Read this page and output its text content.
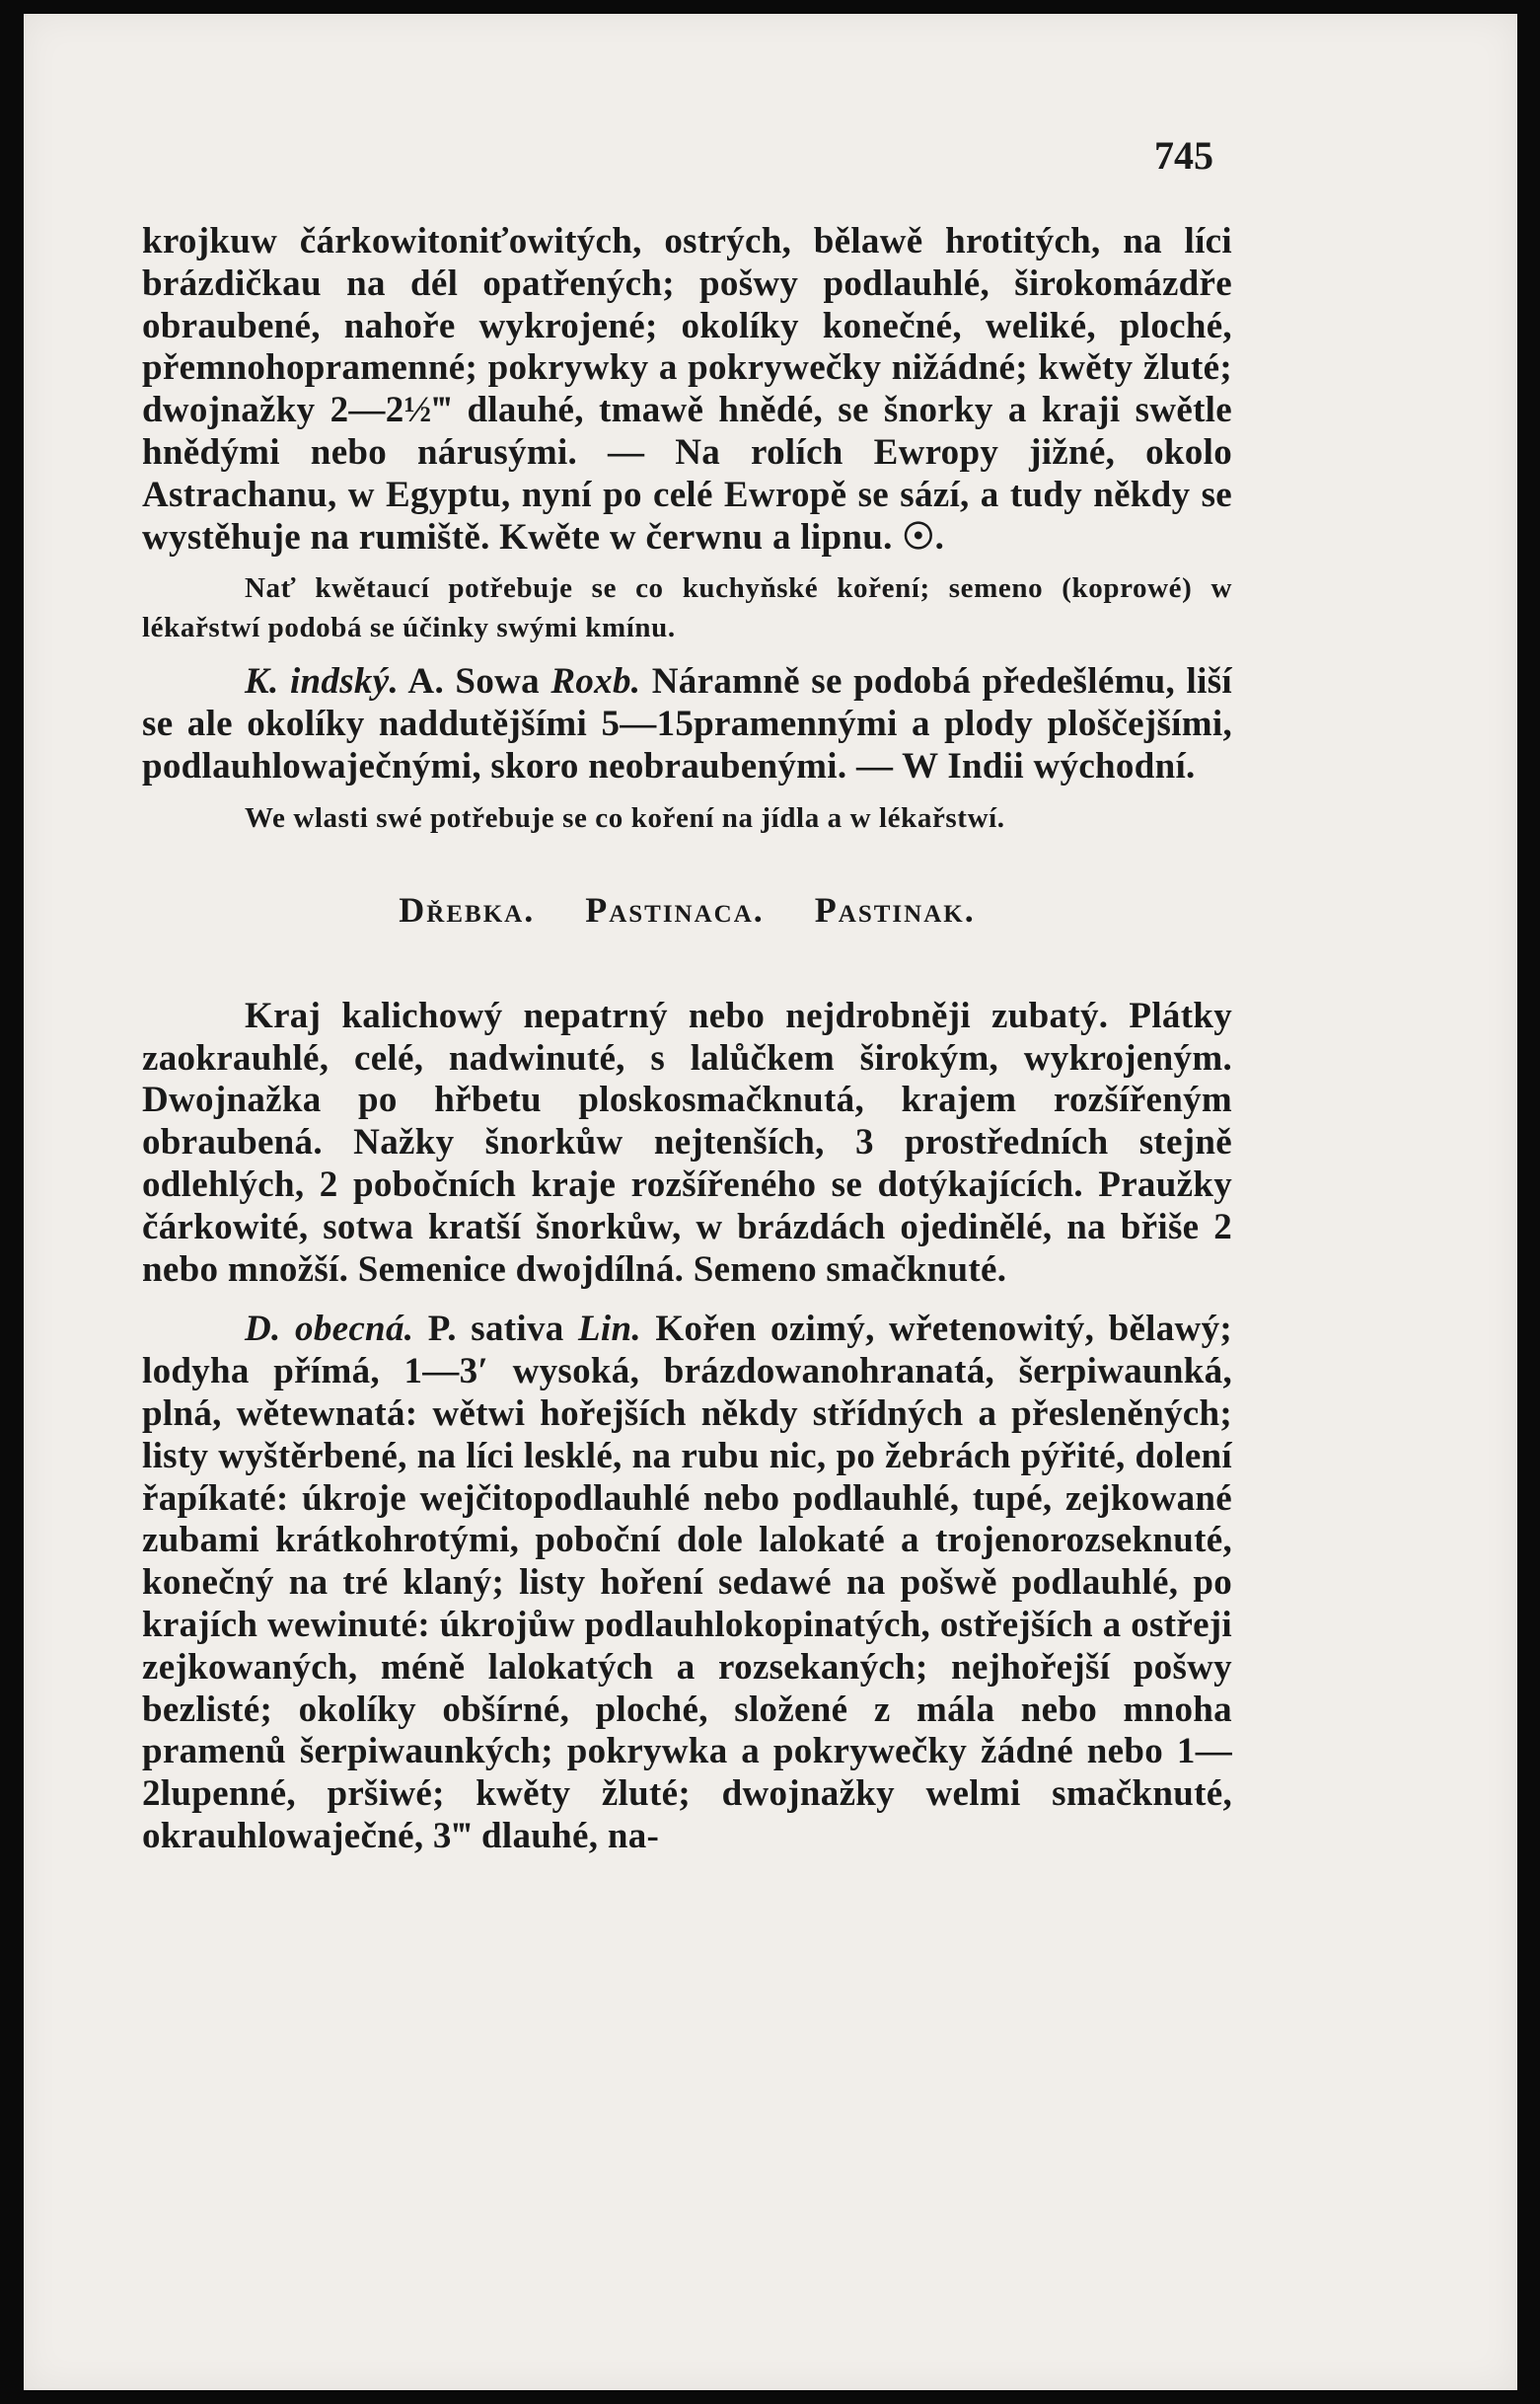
745

krojkuw čárkowitoniťowitých, ostrých, bělawě hrotitých, na líci brázdičkau na dél opatřených; pošwy podlauhlé, širokomázdře obraubené, nahoře wykrojené; okolíky konečné, weliké, ploché, přemnohopramenné; pokrywky a pokrywečky nižádné; kwěty žluté; dwojnažky 2—2½‴ dlauhé, tmawě hnědé, se šnorky a kraji swětle hnědými nebo nárusými. — Na rolích Ewropy jižné, okolo Astrachanu, w Egyptu, nyní po celé Ewropě se sází, a tudy někdy se wystěhuje na rumiště. Kwěte w čerwnu a lipnu. ☉.

Nať kwětaucí potřebuje se co kuchyňské koření; semeno (koprowé) w lékařstwí podobá se účinky swými kmínu.

K. indský. A. Sowa Roxb. Náramně se podobá předešlému, liší se ale okolíky naddutějšími 5—15pramennými a plody ploščejšími, podlauhlowaječnými, skoro neobraubenými. — W Indii wýchodní.

We wlasti swé potřebuje se co koření na jídla a w lékařstwí.

Dřebka. Pastinaca. Pastinak.

Kraj kalichowý nepatrný nebo nejdrobněji zubatý. Plátky zaokrauhlé, celé, nadwinuté, s lalůčkem širokým, wykrojeným. Dwojnažka po hřbetu ploskosmačknutá, krajem rozšířeným obraubená. Nažky šnorkůw nejtenších, 3 prostředních stejně odlehlých, 2 pobočních kraje rozšířeného se dotýkajících. Praužky čárkowité, sotwa kratší šnorkůw, w brázdách ojedinělé, na břiše 2 nebo množší. Semenice dwojdílná. Semeno smačknuté.

D. obecná. P. sativa Lin. Kořen ozimý, wřetenowitý, bělawý; lodyha přímá, 1—3′ wysoká, brázdowanohranatá, šerpiwaunká, plná, wětewnatá: wětwi hořejších někdy střídných a přesleněných; listy wyštěrbené, na líci lesklé, na rubu nic, po žebrách pýřité, dolení řapíkaté: úkroje wejčitopodlauhlé nebo podlauhlé, tupé, zejkowané zubami krátkohrotými, poboční dole lalokaté a trojenorozseknuté, konečný na tré klaný; listy hoření sedawé na pošwě podlauhlé, po krajích wewinuté: úkrojůw podlauhlokopinatých, ostřejších a ostřeji zejkowaných, méně lalokatých a rozsekaných; nejhořejší pošwy bezlisté; okolíky obšírné, ploché, složené z mála nebo mnoha pramenů šerpiwaunkých; pokrywka a pokrywečky žádné nebo 1—2lupenné, pršiwé; kwěty žluté; dwojnažky welmi smačknuté, okrauhlowaječné, 3‴ dlauhé, na-
